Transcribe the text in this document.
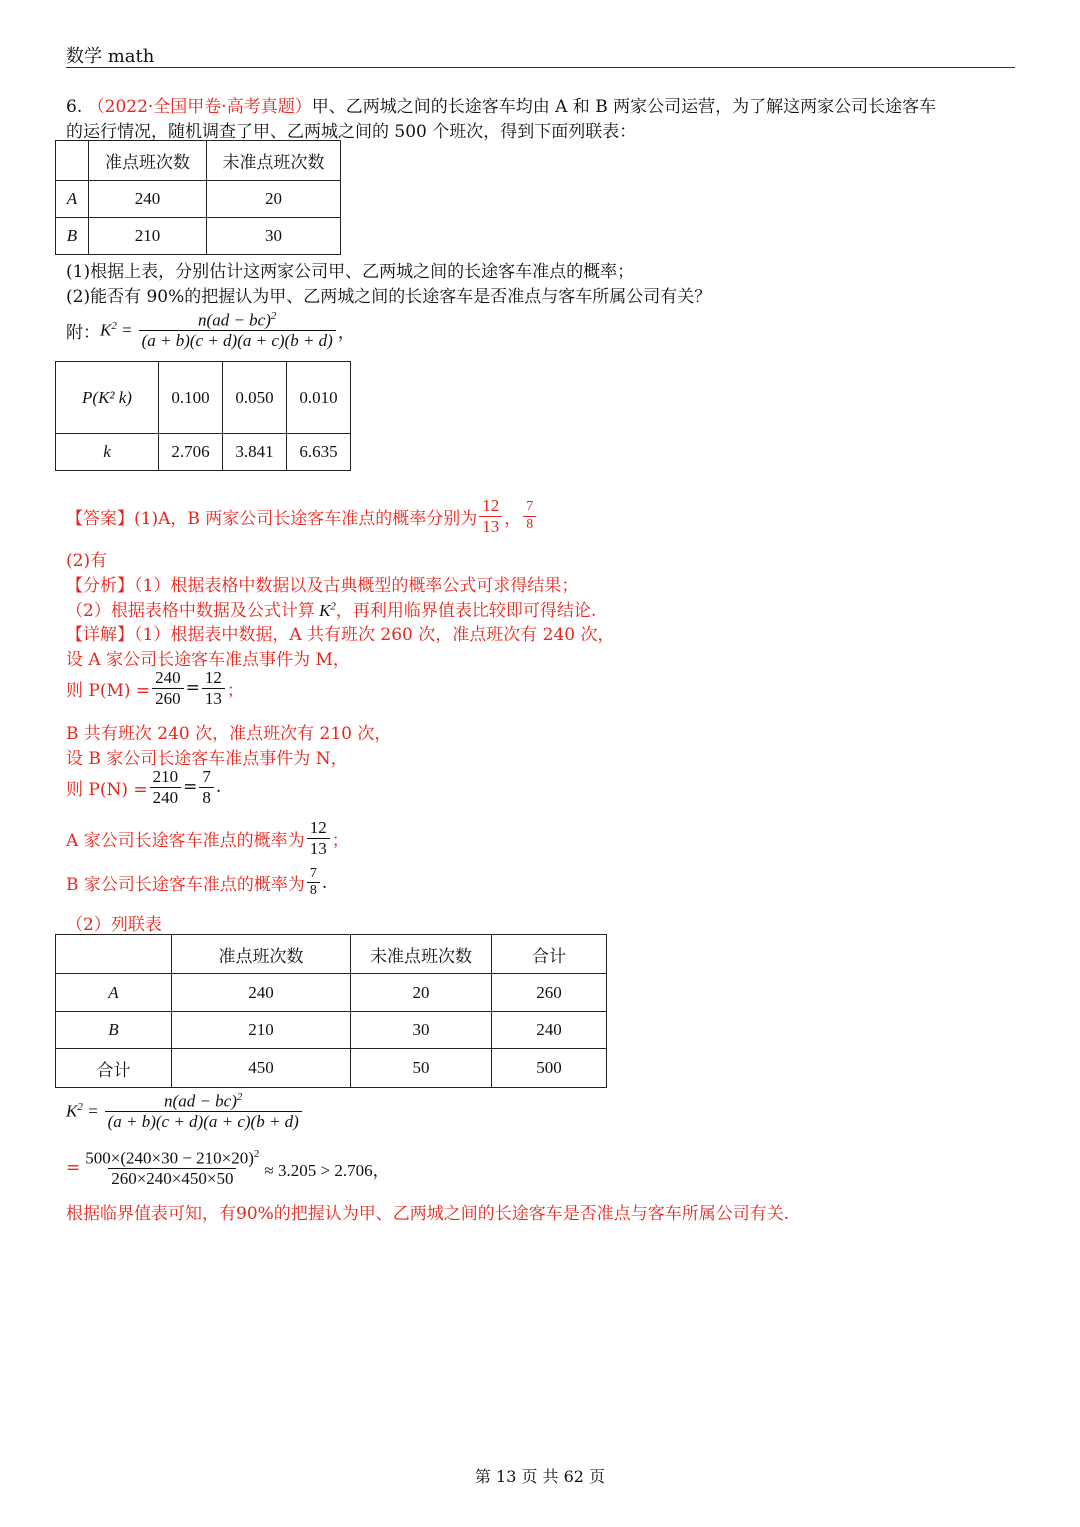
数学 math
6. （2022·全国甲卷·高考真题）甲、乙两城之间的长途客车均由 A 和 B 两家公司运营，为了解这两家公司长途客车
的运行情况，随机调查了甲、乙两城之间的 500 个班次，得到下面列联表：
	准点班次数	未准点班次数
A	240	20
B	210	30
(1)根据上表，分别估计这两家公司甲、乙两城之间的长途客车准点的概率；
(2)能否有 90%的把握认为甲、乙两城之间的长途客车是否准点与客车所属公司有关？
附： $K^2 = \frac{n(ad - bc)^2}{(a + b)(c + d)(a + c)(b + d)}$ ，
P(K² k)	0.100	0.050	0.010
k	2.706	3.841	6.635
【答案】 (1)A，B 两家公司长途客车准点的概率分别为 $\frac{12}{13}$ ， $\frac{7}{8}$
(2)有
【分析】（1）根据表格中数据以及古典概型的概率公式可求得结果；
（2）根据表格中数据及公式计算 $K^2$，再利用临界值表比较即可得结论.
【详解】（1）根据表中数据，A 共有班次 260 次，准点班次有 240 次，
设 A 家公司长途客车准点事件为 M，
则 $P(M) = \frac{240}{260} = \frac{12}{13}$ ；
B 共有班次 240 次，准点班次有 210 次，
设 B 家公司长途客车准点事件为 N，
则 $P(N) = \frac{210}{240} = \frac{7}{8}$ .
A 家公司长途客车准点的概率为 $\frac{12}{13}$ ；
B 家公司长途客车准点的概率为 $\frac{7}{8}$ .
（2）列联表
	准点班次数	未准点班次数	合计
A	240	20	260
B	210	30	240
合计	450	50	500
$K^2 = \frac{n(ad - bc)^2}{(a + b)(c + d)(a + c)(b + d)}$
= $\frac{500\times(240\times 30 - 210\times 20)^2}{260\times 240\times 450\times 50} \approx 3.205 > 2.706$，
根据临界值表可知，有90%的把握认为甲、乙两城之间的长途客车是否准点与客车所属公司有关.
第 13 页 共 62 页
